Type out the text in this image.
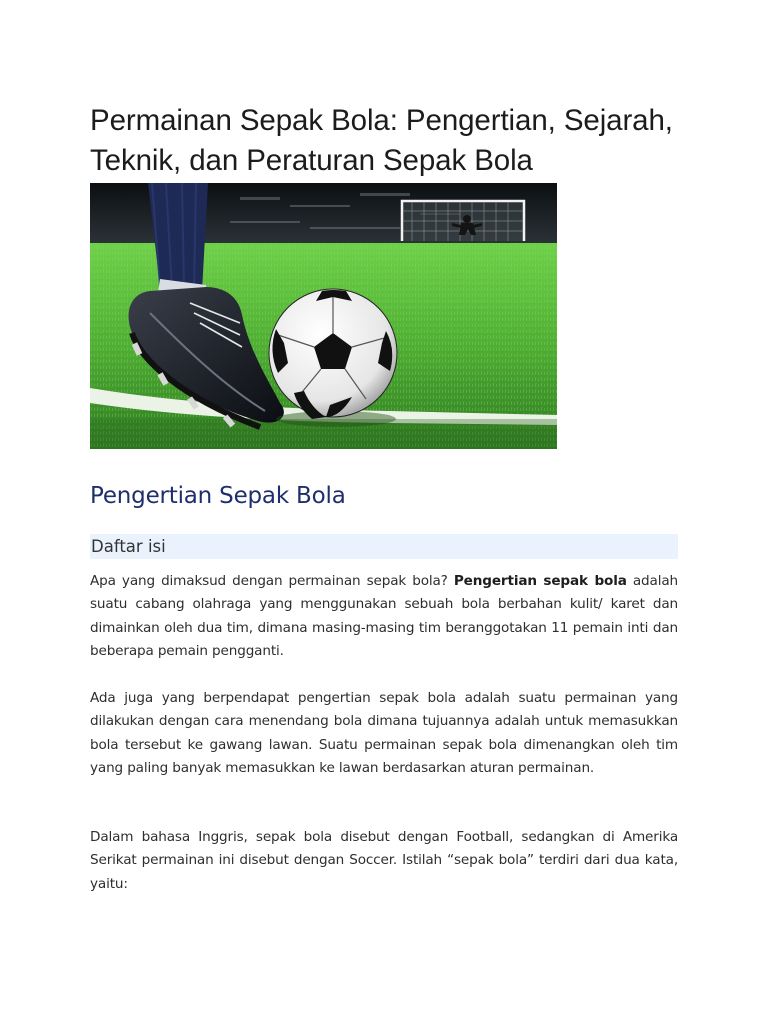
Permainan Sepak Bola: Pengertian, Sejarah, Teknik, dan Peraturan Sepak Bola
Pengertian Sepak Bola
Daftar isi

Apa yang dimaksud dengan permainan sepak bola? Pengertian sepak bola adalah suatu cabang olahraga yang menggunakan sebuah bola berbahan kulit/ karet dan dimainkan oleh dua tim, dimana masing-masing tim beranggotakan 11 pemain inti dan beberapa pemain pengganti.

Ada juga yang berpendapat pengertian sepak bola adalah suatu permainan yang dilakukan dengan cara menendang bola dimana tujuannya adalah untuk memasukkan bola tersebut ke gawang lawan. Suatu permainan sepak bola dimenangkan oleh tim yang paling banyak memasukkan ke lawan berdasarkan aturan permainan.

Dalam bahasa Inggris, sepak bola disebut dengan Football, sedangkan di Amerika Serikat permainan ini disebut dengan Soccer. Istilah “sepak bola” terdiri dari dua kata, yaitu:
